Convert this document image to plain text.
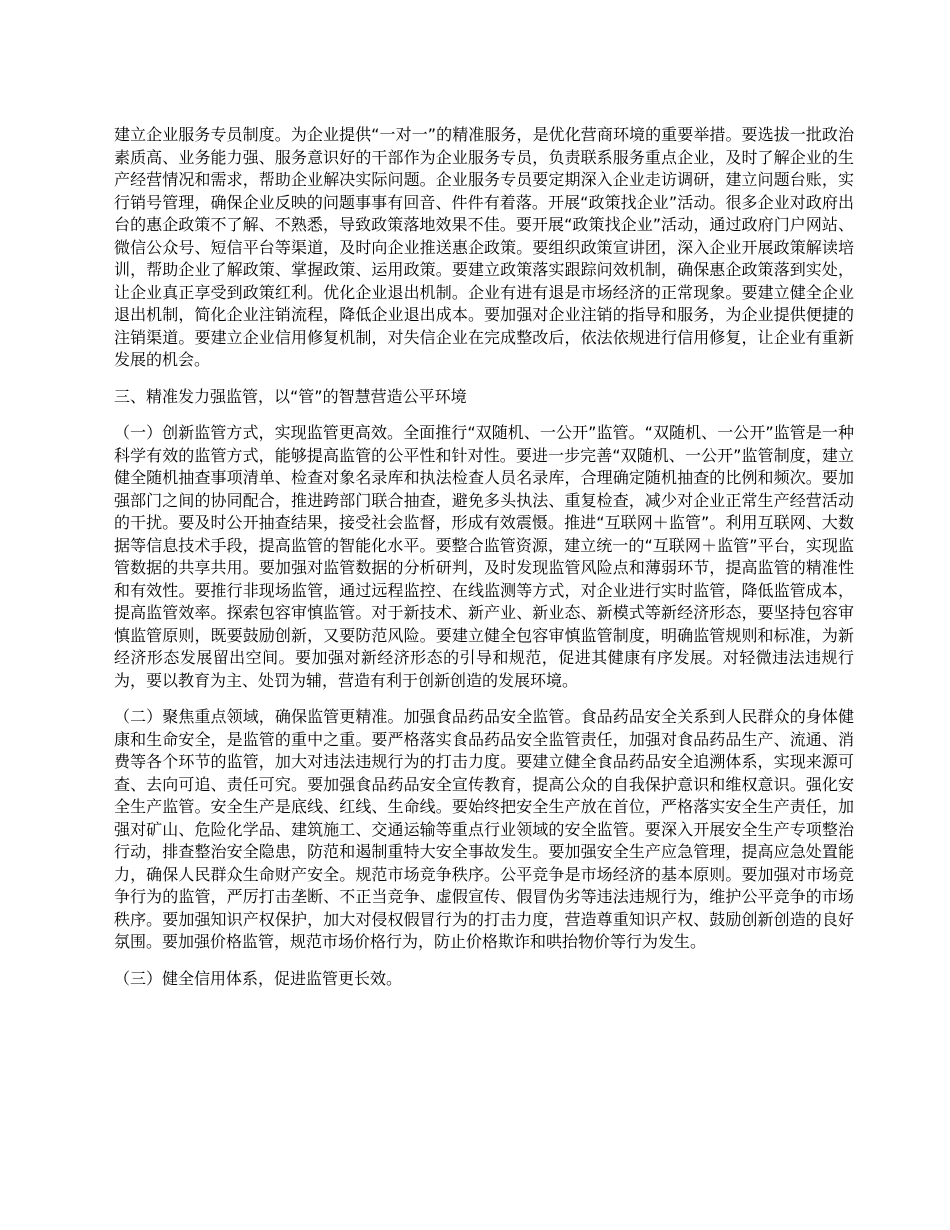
建立企业服务专员制度。为企业提供“一对一”的精准服务，是优化营商环境的重要举措。要选拔一批政治素质高、业务能力强、服务意识好的干部作为企业服务专员，负责联系服务重点企业，及时了解企业的生产经营情况和需求，帮助企业解决实际问题。企业服务专员要定期深入企业走访调研，建立问题台账，实行销号管理，确保企业反映的问题事事有回音、件件有着落。开展“政策找企业”活动。很多企业对政府出台的惠企政策不了解、不熟悉，导致政策落地效果不佳。要开展“政策找企业”活动，通过政府门户网站、微信公众号、短信平台等渠道，及时向企业推送惠企政策。要组织政策宣讲团，深入企业开展政策解读培训，帮助企业了解政策、掌握政策、运用政策。要建立政策落实跟踪问效机制，确保惠企政策落到实处，让企业真正享受到政策红利。优化企业退出机制。企业有进有退是市场经济的正常现象。要建立健全企业退出机制，简化企业注销流程，降低企业退出成本。要加强对企业注销的指导和服务，为企业提供便捷的注销渠道。要建立企业信用修复机制，对失信企业在完成整改后，依法依规进行信用修复，让企业有重新发展的机会。

三、精准发力强监管，以“管”的智慧营造公平环境

（一）创新监管方式，实现监管更高效。全面推行“双随机、一公开”监管。“双随机、一公开”监管是一种科学有效的监管方式，能够提高监管的公平性和针对性。要进一步完善“双随机、一公开”监管制度，建立健全随机抽查事项清单、检查对象名录库和执法检查人员名录库，合理确定随机抽查的比例和频次。要加强部门之间的协同配合，推进跨部门联合抽查，避免多头执法、重复检查，减少对企业正常生产经营活动的干扰。要及时公开抽查结果，接受社会监督，形成有效震慑。推进“互联网＋监管”。利用互联网、大数据等信息技术手段，提高监管的智能化水平。要整合监管资源，建立统一的“互联网＋监管”平台，实现监管数据的共享共用。要加强对监管数据的分析研判，及时发现监管风险点和薄弱环节，提高监管的精准性和有效性。要推行非现场监管，通过远程监控、在线监测等方式，对企业进行实时监管，降低监管成本，提高监管效率。探索包容审慎监管。对于新技术、新产业、新业态、新模式等新经济形态，要坚持包容审慎监管原则，既要鼓励创新，又要防范风险。要建立健全包容审慎监管制度，明确监管规则和标准，为新经济形态发展留出空间。要加强对新经济形态的引导和规范，促进其健康有序发展。对轻微违法违规行为，要以教育为主、处罚为辅，营造有利于创新创造的发展环境。

（二）聚焦重点领域，确保监管更精准。加强食品药品安全监管。食品药品安全关系到人民群众的身体健康和生命安全，是监管的重中之重。要严格落实食品药品安全监管责任，加强对食品药品生产、流通、消费等各个环节的监管，加大对违法违规行为的打击力度。要建立健全食品药品安全追溯体系，实现来源可查、去向可追、责任可究。要加强食品药品安全宣传教育，提高公众的自我保护意识和维权意识。强化安全生产监管。安全生产是底线、红线、生命线。要始终把安全生产放在首位，严格落实安全生产责任，加强对矿山、危险化学品、建筑施工、交通运输等重点行业领域的安全监管。要深入开展安全生产专项整治行动，排查整治安全隐患，防范和遏制重特大安全事故发生。要加强安全生产应急管理，提高应急处置能力，确保人民群众生命财产安全。规范市场竞争秩序。公平竞争是市场经济的基本原则。要加强对市场竞争行为的监管，严厉打击垄断、不正当竞争、虚假宣传、假冒伪劣等违法违规行为，维护公平竞争的市场秩序。要加强知识产权保护，加大对侵权假冒行为的打击力度，营造尊重知识产权、鼓励创新创造的良好氛围。要加强价格监管，规范市场价格行为，防止价格欺诈和哄抬物价等行为发生。

（三）健全信用体系，促进监管更长效。
